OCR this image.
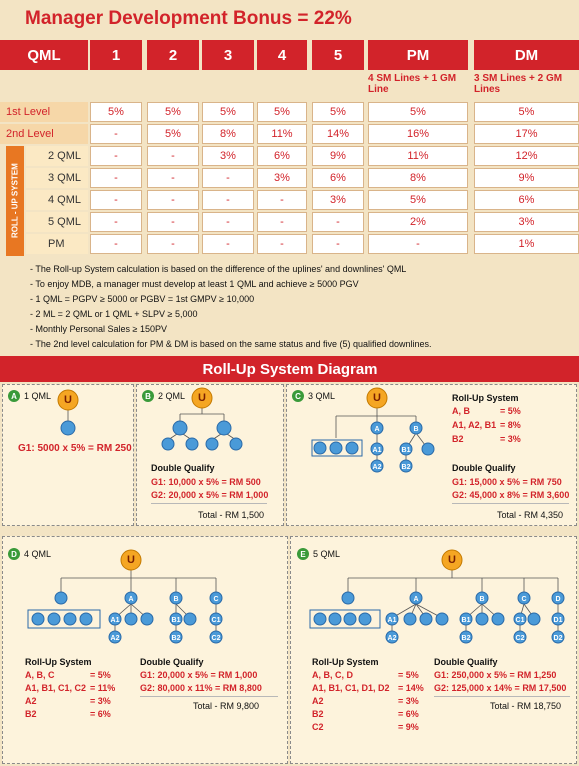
Manager Development Bonus = 22%
QML	1	2	3	4	5	PM	DM
4 SM Lines + 1 GM Line
3 SM Lines + 2 GM Lines
1st Level	5%	5%	5%	5%	5%	5%	5%
2nd Level	-	5%	8%	11%	14%	16%	17%
2 QML	-	-	3%	6%	9%	11%	12%
3 QML	-	-	-	3%	6%	8%	9%
4 QML	-	-	-	-	3%	5%	6%
5 QML	-	-	-	-	-	2%	3%
PM	-	-	-	-	-	-	1%
ROLL - UP SYSTEM
- The Roll-up System calculation is based on the difference of the uplines' and downlines' QML
- To enjoy MDB, a manager must develop at least 1 QML and achieve ≥ 5000 PGV
- 1 QML = PGPV ≥ 5000 or PGBV = 1st GMPV ≥ 10,000
- 2 ML = 2 QML or 1 QML + SLPV ≥ 5,000
- Monthly Personal Sales ≥ 150PV
- The 2nd level calculation for PM & DM is based on the same status and five (5) qualified downlines.
Roll-Up System Diagram
A 1 QML	B 2 QML	C 3 QML
D 4 QML	E 5 QML
G1: 5000 x 5% = RM 250
Double Qualify
G1: 10,000 x 5% = RM 500
G2: 20,000 x 5% = RM 1,000
Total - RM 1,500
Roll-Up System
A, B	= 5%
A1, A2, B1 = 8%
B2	= 3%
Double Qualify
G1: 15,000 x 5% = RM 750
G2: 45,000 x 8% = RM 3,600
Total - RM 4,350
Roll-Up System
A, B, C	= 5%
A1, B1, C1, C2 = 11%
A2	= 3%
B2	= 6%
Double Qualify
G1: 20,000 x 5% = RM 1,000
G2: 80,000 x 11% = RM 8,800
Total - RM 9,800
Roll-Up System
A, B, C, D	= 5%
A1, B1, C1, D1, D2 = 14%
A2	= 3%
B2	= 6%
C2	= 9%
Double Qualify
G1: 250,000 x 5% = RM 1,250
G2: 125,000 x 14% = RM 17,500
Total - RM 18,750
U	U	U
A	B
A1	B1
A2	B2
U
A	B	C
A1	B1	C1
A2	B2	C2
U
A	B	C	D
A1	B1	C1	D1
A2	B2	C2	D2
